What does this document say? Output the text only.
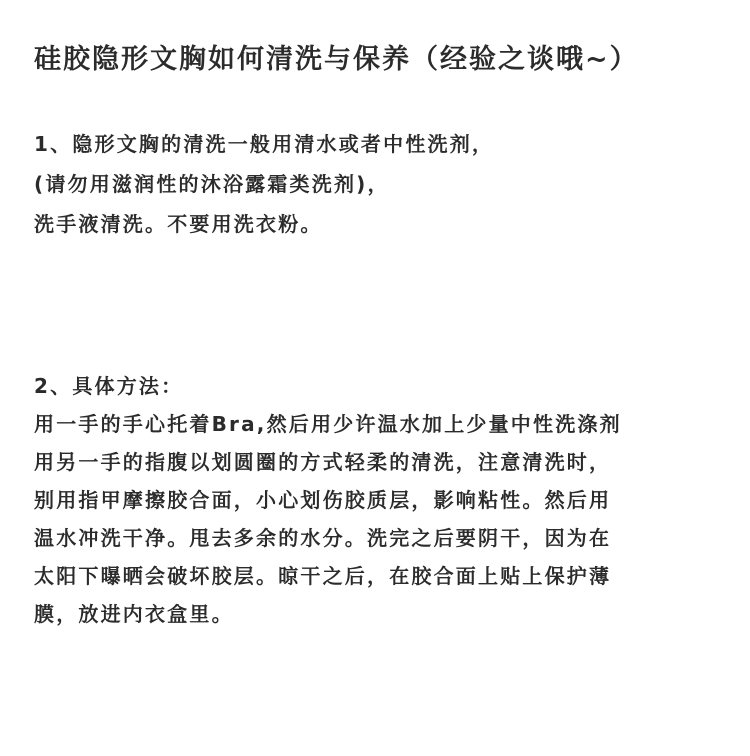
硅胶隐形文胸如何清洗与保养（经验之谈哦~）
1、隐形文胸的清洗一般用清水或者中性洗剂，
(请勿用滋润性的沐浴露霜类洗剂)，
洗手液清洗。不要用洗衣粉。
2、具体方法：
用一手的手心托着Bra,然后用少许温水加上少量中性洗涤剂
用另一手的指腹以划圆圈的方式轻柔的清洗，注意清洗时，
别用指甲摩擦胶合面，小心划伤胶质层，影响粘性。然后用
温水冲洗干净。甩去多余的水分。洗完之后要阴干，因为在
太阳下曝晒会破坏胶层。晾干之后，在胶合面上贴上保护薄
膜，放进内衣盒里。
